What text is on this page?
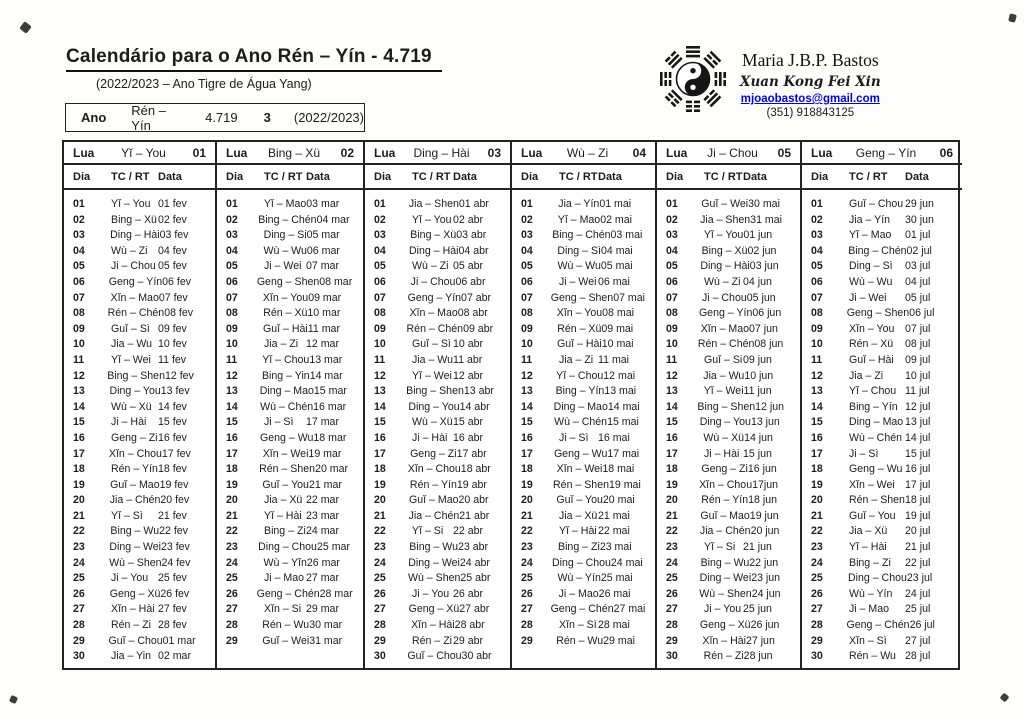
Calendário para o Ano Rén – Yín - 4.719
(2022/2023 – Ano Tigre de Água Yang)
Maria J.B.P. Bastos
Xuan Kong Fei Xin
mjoaobastos@gmail.com
(351) 918843125
Ano Rén – Yín	4.719 3 (2022/2023)
Lua	Yĭ – You	01
Dia	TC / RT Data
01	Yĭ – You 01 fev
02	Bing – Xü 02 fev
03	Ding – Hài 03 fev
04	Wù – Zi 04 fev
05	Ji – Chou 05 fev
06	Geng – Yín 06 fev
07	Xĭn – Mao 07 fev
08	Rén – Chén 08 fev
09	Guĭ – Sì 09 fev
10	Jia – Wu 10 fev
11	Yĭ – Wei 11 fev
12	Bing – Shen 12 fev
13	Ding – You 13 fev
14	Wù – Xü 14 fev
15	Ji – Hài	15 fev
16	Geng – Zi 16 fev
17	Xĭn – Chou 17 fev
18	Rén – Yín 18 fev
19	Guĭ – Mao 19 fev
20	Jia – Chén 20 fev
21	Yĭ – Sì	21 fev
22	Bing – Wu 22 fev
23	Ding – Wei 23 fev
24	Wù – Shen 24 fev
25	Ji – You 25 fev
26	Geng – Xü 26 fev
27	Xĭn – Hài 27 fev
28	Rén – Zi 28 fev
29	Guĭ – Chou 01 mar
30	Jia – Yin 02 mar
Lua	Bing – Xü	02
Dia	TC / RT Data
01	Yĭ – Mao 03 mar
02	Bing – Chén 04 mar
03	Ding – Si 05 mar
04	Wù – Wu 06 mar
05	Ji – Wei 07 mar
06	Geng – Shen 08 mar
07	Xĭn – You 09 mar
08	Rén – Xü 10 mar
09	Guĭ – Hài 11 mar
10	Jia – Zi 12 mar
11	Yĭ – Chou 13 mar
12	Bing – Yin 14 mar
13	Ding – Mao 15 mar
14	Wù – Chén 16 mar
15	Ji – Sì	17 mar
16	Geng – Wu 18 mar
17	Xĭn – Wei 19 mar
18	Rén – Shen 20 mar
19	Guĭ – You 21 mar
20	Jia – Xü 22 mar
21	Yĭ – Hài 23 mar
22	Bing – Zi 24 mar
23	Ding – Chou 25 mar
24	Wù – Yĭn 26 mar
25	Ji – Mao 27 mar
26	Geng – Chén 28 mar
27	Xĭn – Si 29 mar
28	Rén – Wu 30 mar
29	Guĭ – Wei 31 mar
Lua	Ding – Hài	03
Dia	TC / RT Data
01	Jia – Shen 01 abr
02	Yĭ – You 02 abr
03	Bing – Xü 03 abr
04	Ding – Hài 04 abr
05	Wù – Zi 05 abr
06	Ji – Chou 06 abr
07	Geng – Yín 07 abr
08	Xĭn – Mao 08 abr
09	Rén – Chén 09 abr
10	Guĭ – Sì 10 abr
11	Jia – Wu 11 abr
12	Yĭ – Wei 12 abr
13	Bing – Shen 13 abr
14	Ding – You 14 abr
15	Wù – Xü 15 abr
16	Ji – Hài 16 abr
17	Geng – Zi 17 abr
18	Xĭn – Chou 18 abr
19	Rén – Yín 19 abr
20	Guĭ – Mao 20 abr
21	Jia – Chén 21 abr
22	Yĭ – Si 22 abr
23	Bing – Wu 23 abr
24	Ding – Wei 24 abr
25	Wù – Shen 25 abr
26	Ji – You 26 abr
27	Geng – Xü 27 abr
28	Xĭn – Hài 28 abr
29	Rén – Zi 29 abr
30	Guĭ – Chou 30 abr
Lua	Wù – Zi	04
Dia	TC / RT Data
01	Jia – Yín 01 mai
02	Yĭ – Mao 02 mai
03	Bing – Chén 03 mai
04	Ding – Sì 04 mai
05	Wù – Wu 05 mai
06	Ji – Wei 06 mai
07	Geng – Shen 07 mai
08	Xĭn – You 08 mai
09	Rén – Xü 09 mai
10	Guĭ – Hài 10 mai
11	Jia – Zi 11 mai
12	Yĭ – Chou 12 mai
13	Bing – Yín 13 mai
14	Ding – Mao 14 mai
15	Wù – Chén 15 mai
16	Ji – Sì 16 mai
17	Geng – Wu 17 mai
18	Xĭn – Wei 18 mai
19	Rén – Shen 19 mai
20	Guĭ – You 20 mai
21	Jia – Xü 21 mai
22	Yĭ – Hài 22 mai
23	Bing – Zi 23 mai
24	Ding – Chou 24 mai
25	Wù – Yín 25 mai
26	Ji – Mao 26 mai
27	Geng – Chén 27 mai
28	Xĭn – Sì 28 mai
29	Rén – Wu 29 mai
Lua	Ji – Chou	05
Dia	TC / RT Data
01	Guĭ – Wei 30 mai
02	Jia – Shen 31 mai
03	Yĭ – You 01 jun
04	Bing – Xü 02 jun
05	Ding – Hài 03 jun
06	Wù – Zi 04 jun
07	Ji – Chou 05 jun
08	Geng – Yín 06 jun
09	Xĭn – Mao 07 jun
10	Rén – Chén 08 jun
11	Guĭ – Si 09 jun
12	Jia – Wu 10 jun
13	Yĭ – Wei 11 jun
14	Bing – Shen 12 jun
15	Ding – You 13 jun
16	Wù – Xü 14 jun
17	Ji – Hài 15 jun
18	Geng – Zi 16 jun
19	Xĭn – Chou 17jun
20	Rén – Yín 18 jun
21	Guĭ – Mao 19 jun
22	Jia – Chén 20 jun
23	Yĭ – Si 21 jun
24	Bing – Wu 22 jun
25	Ding – Wei 23 jun
26	Wù – Shen 24 jun
27	Ji – You 25 jun
28	Geng – Xü 26 jun
29	Xĭn – Hài 27 jun
30	Rén – Zi 28 jun
Lua	Geng – Yín	06
Dia	TC / RT	Data
01	Guĭ – Chou 29 jun
02	Jia – Yín	30 jun
03	Yĭ – Mao	01 jul
04	Bing – Chén 02 jul
05	Ding – Sì	03 jul
06	Wù – Wu	04 jul
07	Ji – Wei	05 jul
08	Geng – Shen 06 jul
09	Xĭn – You	07 jul
10	Rén – Xü	08 jul
11	Guĭ – Hài	09 jul
12	Jia – Zi	10 jul
13	Yĭ – Chou 11 jul
14	Bing – Yín 12 jul
15	Ding – Mao 13 jul
16	Wù – Chén 14 jul
17	Ji – Sì	15 jul
18	Geng – Wu 16 jul
19	Xĭn – Wei 17 jul
20	Rén – Shen 18 jul
21	Guĭ – You 19 jul
22	Jia – Xü	20 jul
23	Yĭ – Hài	21 jul
24	Bing – Zi	22 jul
25	Ding – Chou 23 jul
26	Wù – Yín	24 jul
27	Ji – Mao	25 jul
28	Geng – Chén 26 jul
29	Xĭn – Sì	27 jul
30	Rén – Wu 28 jul
